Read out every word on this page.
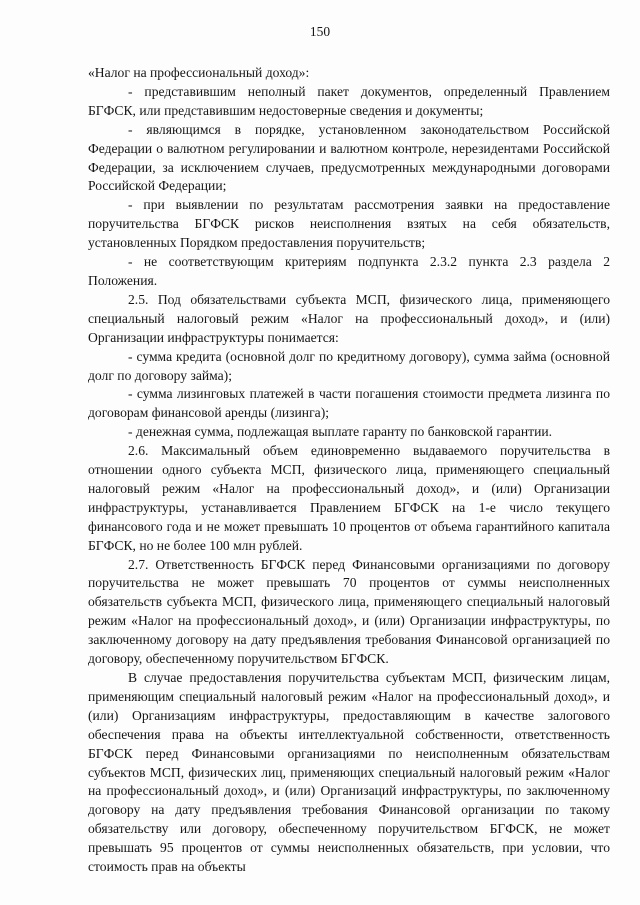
150

«Налог на профессиональный доход»:

- представившим неполный пакет документов, определенный Правлением БГФСК, или представившим недостоверные сведения и документы;

- являющимся в порядке, установленном законодательством Российской Федерации о валютном регулировании и валютном контроле, нерезидентами Российской Федерации, за исключением случаев, предусмотренных международными договорами Российской Федерации;

- при выявлении по результатам рассмотрения заявки на предоставление поручительства БГФСК рисков неисполнения взятых на себя обязательств, установленных Порядком предоставления поручительств;

- не соответствующим критериям подпункта 2.3.2 пункта 2.3 раздела 2 Положения.

2.5. Под обязательствами субъекта МСП, физического лица, применяющего специальный налоговый режим «Налог на профессиональный доход», и (или) Организации инфраструктуры понимается:

- сумма кредита (основной долг по кредитному договору), сумма займа (основной долг по договору займа);

- сумма лизинговых платежей в части погашения стоимости предмета лизинга по договорам финансовой аренды (лизинга);

- денежная сумма, подлежащая выплате гаранту по банковской гарантии.

2.6. Максимальный объем единовременно выдаваемого поручительства в отношении одного субъекта МСП, физического лица, применяющего специальный налоговый режим «Налог на профессиональный доход», и (или) Организации инфраструктуры, устанавливается Правлением БГФСК на 1-е число текущего финансового года и не может превышать 10 процентов от объема гарантийного капитала БГФСК, но не более 100 млн рублей.

2.7. Ответственность БГФСК перед Финансовыми организациями по договору поручительства не может превышать 70 процентов от суммы неисполненных обязательств субъекта МСП, физического лица, применяющего специальный налоговый режим «Налог на профессиональный доход», и (или) Организации инфраструктуры, по заключенному договору на дату предъявления требования Финансовой организацией по договору, обеспеченному поручительством БГФСК.

В случае предоставления поручительства субъектам МСП, физическим лицам, применяющим специальный налоговый режим «Налог на профессиональный доход», и (или) Организациям инфраструктуры, предоставляющим в качестве залогового обеспечения права на объекты интеллектуальной собственности, ответственность БГФСК перед Финансовыми организациями по неисполненным обязательствам субъектов МСП, физических лиц, применяющих специальный налоговый режим «Налог на профессиональный доход», и (или) Организаций инфраструктуры, по заключенному договору на дату предъявления требования Финансовой организации по такому обязательству или договору, обеспеченному поручительством БГФСК, не может превышать 95 процентов от суммы неисполненных обязательств, при условии, что стоимость прав на объекты
